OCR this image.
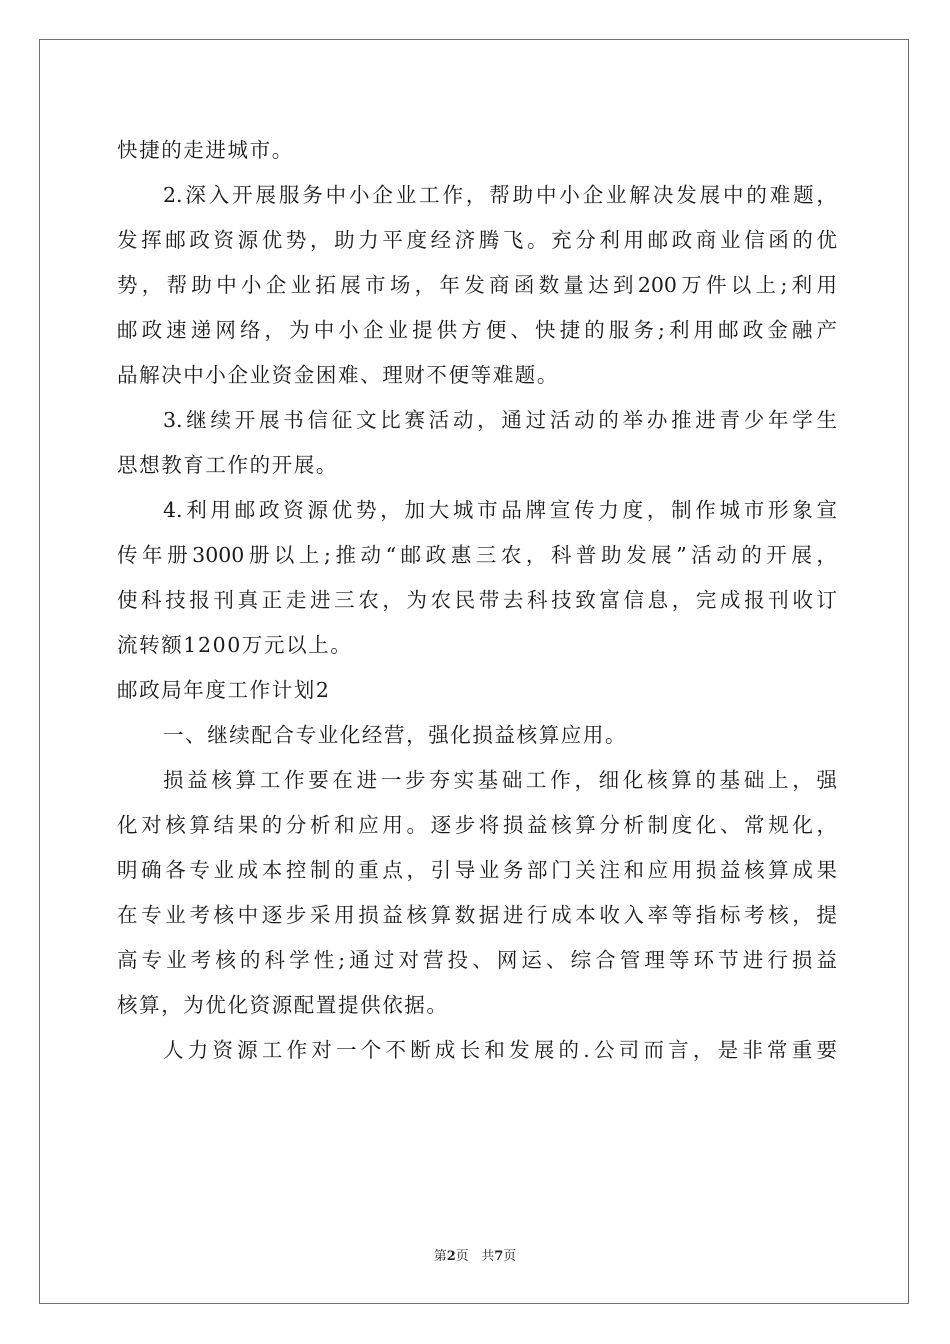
快捷的走进城市。
2.深入开展服务中小企业工作，帮助中小企业解决发展中的难题，
发挥邮政资源优势，助力平度经济腾飞。充分利用邮政商业信函的优
势，帮助中小企业拓展市场，年发商函数量达到200万件以上;利用
邮政速递网络，为中小企业提供方便、快捷的服务;利用邮政金融产
品解决中小企业资金困难、理财不便等难题。
3.继续开展书信征文比赛活动，通过活动的举办推进青少年学生
思想教育工作的开展。
4.利用邮政资源优势，加大城市品牌宣传力度，制作城市形象宣
传年册3000册以上;推动“邮政惠三农，科普助发展”活动的开展，
使科技报刊真正走进三农，为农民带去科技致富信息，完成报刊收订
流转额1200万元以上。
邮政局年度工作计划2
一、继续配合专业化经营，强化损益核算应用。
损益核算工作要在进一步夯实基础工作，细化核算的基础上，强
化对核算结果的分析和应用。逐步将损益核算分析制度化、常规化，
明确各专业成本控制的重点，引导业务部门关注和应用损益核算成果
在专业考核中逐步采用损益核算数据进行成本收入率等指标考核，提
高专业考核的科学性;通过对营投、网运、综合管理等环节进行损益
核算，为优化资源配置提供依据。
人力资源工作对一个不断成长和发展的.公司而言，是非常重要
第2页 共7页
